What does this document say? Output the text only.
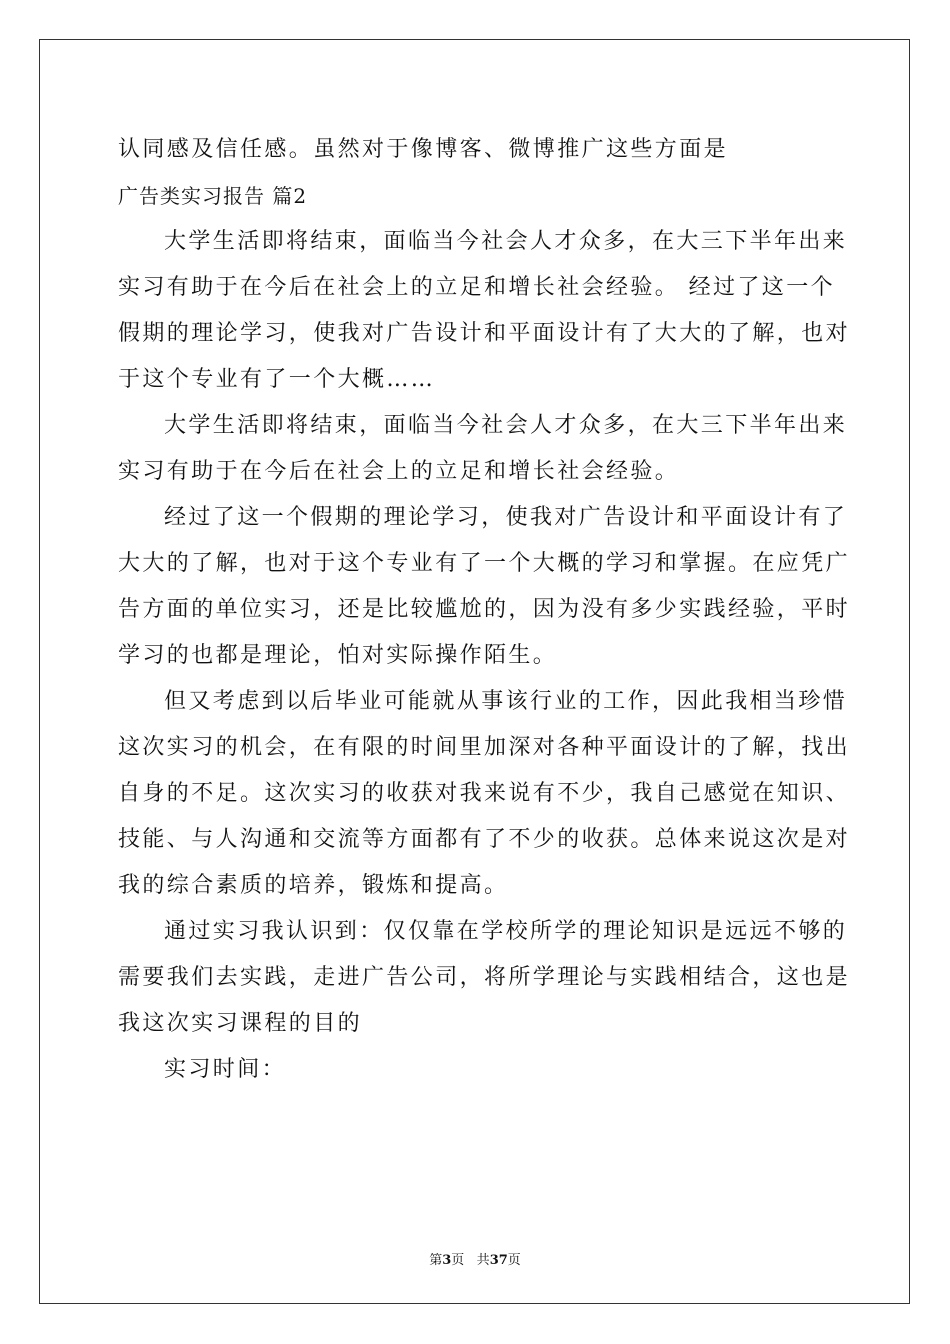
认同感及信任感。虽然对于像博客、微博推广这些方面是
广告类实习报告 篇2
大学生活即将结束，面临当今社会人才众多，在大三下半年出来
实习有助于在今后在社会上的立足和增长社会经验。 经过了这一个
假期的理论学习，使我对广告设计和平面设计有了大大的了解，也对
于这个专业有了一个大概……
大学生活即将结束，面临当今社会人才众多，在大三下半年出来
实习有助于在今后在社会上的立足和增长社会经验。
经过了这一个假期的理论学习，使我对广告设计和平面设计有了
大大的了解，也对于这个专业有了一个大概的学习和掌握。在应凭广
告方面的单位实习，还是比较尴尬的，因为没有多少实践经验，平时
学习的也都是理论，怕对实际操作陌生。
但又考虑到以后毕业可能就从事该行业的工作，因此我相当珍惜
这次实习的机会，在有限的时间里加深对各种平面设计的了解，找出
自身的不足。这次实习的收获对我来说有不少，我自己感觉在知识、
技能、与人沟通和交流等方面都有了不少的收获。总体来说这次是对
我的综合素质的培养，锻炼和提高。
通过实习我认识到：仅仅靠在学校所学的理论知识是远远不够的
需要我们去实践，走进广告公司，将所学理论与实践相结合，这也是
我这次实习课程的目的
实习时间：
第3页 共37页
